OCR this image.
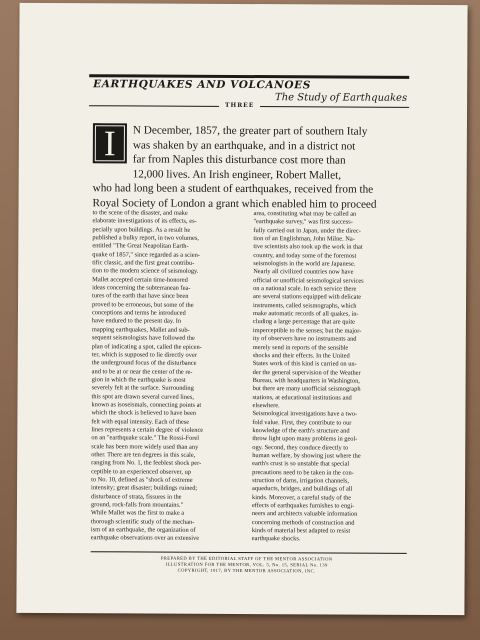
EARTHQUAKES AND VOLCANOES
The Study of Earthquakes
THREE
N December, 1857, the greater part of southern Italy
was shaken by an earthquake, and in a district not
far from Naples this disturbance cost more than
12,000 lives. An Irish engineer, Robert Mallet,
who had long been a student of earthquakes, received from the
Royal Society of London a grant which enabled him to proceed
I
to the scene of the disaster, and make
elaborate investigations of its effects, es-
pecially upon buildings. As a result he
published a bulky report, in two volumes,
entitled "The Great Neapolitan Earth-
quake of 1857," since regarded as a scien-
tific classic, and the first great contribu-
tion to the modern science of seismology.
Mallet accepted certain time-honored
ideas concerning the subterranean fea-
tures of the earth that have since been
proved to be erroneous, but some of the
conceptions and terms he introduced
have endured to the present day. In
mapping earthquakes, Mallet and sub-
sequent seismologists have followed the
plan of indicating a spot, called the epicen-
ter, which is supposed to lie directly over
the underground focus of the disturbance
and to be at or near the center of the re-
gion in which the earthquake is most
severely felt at the surface. Surrounding
this spot are drawn several curved lines,
known as isoseismals, connecting points at
which the shock is believed to have been
felt with equal intensity. Each of these
lines represents a certain degree of violence
on an "earthquake scale." The Rossi-Forel
scale has been more widely used than any
other. There are ten degrees in this scale,
ranging from No. 1, the feeblest shock per-
ceptible to an experienced observer, up
to No. 10, defined as "shock of extreme
intensity; great disaster; buildings ruined;
disturbance of strata, fissures in the
ground, rock-falls from mountains."
While Mallet was the first to make a
thorough scientific study of the mechan-
ism of an earthquake, the organization of
earthquake observations over an extensive
area, constituting what may be called an
"earthquake survey," was first success-
fully carried out in Japan, under the direc-
tion of an Englishman, John Milne. Na-
tive scientists also took up the work in that
country, and today some of the foremost
seismologists in the world are Japanese.
Nearly all civilized countries now have
official or unofficial seismological services
on a national scale. In each service there
are several stations equipped with delicate
instruments, called seismographs, which
make automatic records of all quakes, in-
cluding a large percentage that are quite
imperceptible to the senses; but the major-
ity of observers have no instruments and
merely send in reports of the sensible
shocks and their effects. In the United
States work of this kind is carried on un-
der the general supervision of the Weather
Bureau, with headquarters in Washington,
but there are many unofficial seismograph
stations, at educational institutions and
elsewhere.
Seismological investigations have a two-
fold value. First, they contribute to our
knowledge of the earth's structure and
throw light upon many problems in geol-
ogy. Second, they conduce directly to
human welfare, by showing just where the
earth's crust is so unstable that special
precautions need to be taken in the con-
struction of dams, irrigation channels,
aqueducts, bridges, and buildings of all
kinds. Moreover, a careful study of the
effects of earthquakes furnishes to engi-
neers and architects valuable information
concerning methods of construction and
kinds of material best adapted to resist
earthquake shocks.
PREPARED BY THE EDITORIAL STAFF OF THE MENTOR ASSOCIATION
ILLUSTRATION FOR THE MENTOR, VOL. 5, No. 15, SERIAL No. 139
COPYRIGHT, 1917, BY THE MENTOR ASSOCIATION, INC.
